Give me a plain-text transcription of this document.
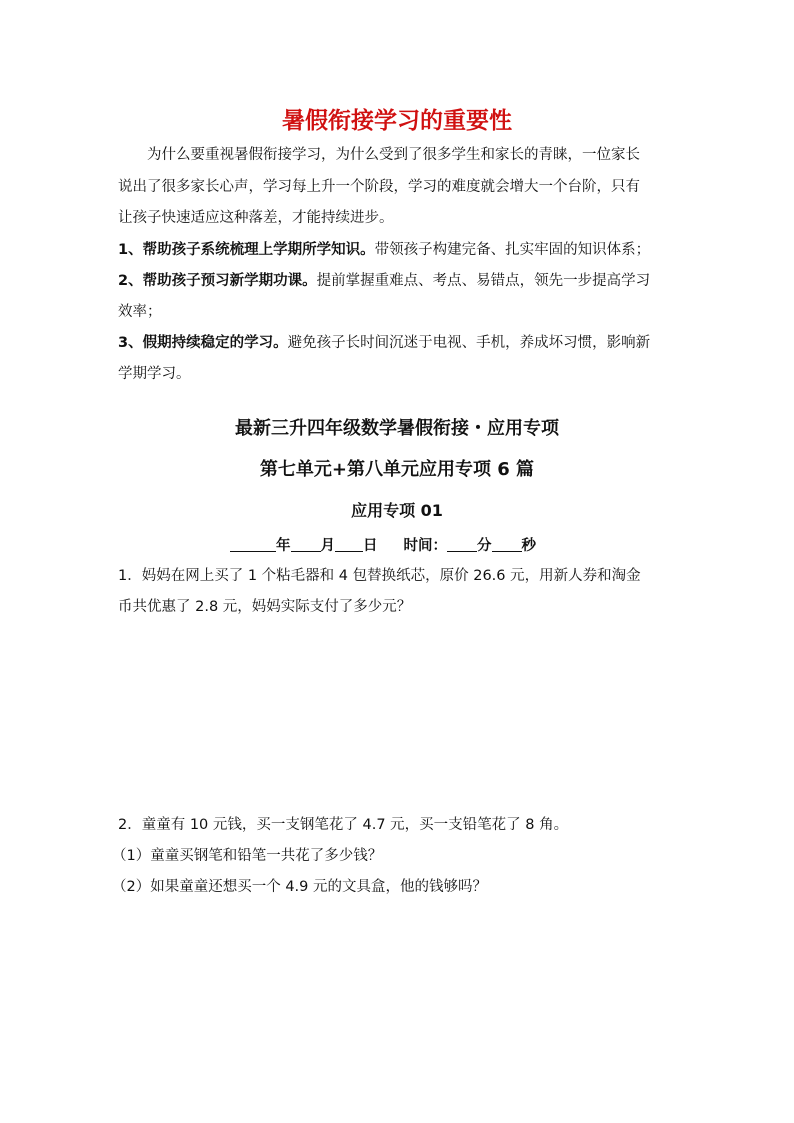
暑假衔接学习的重要性
为什么要重视暑假衔接学习，为什么受到了很多学生和家长的青睐，一位家长
说出了很多家长心声，学习每上升一个阶段，学习的难度就会增大一个台阶，只有
让孩子快速适应这种落差，才能持续进步。
1、帮助孩子系统梳理上学期所学知识。带领孩子构建完备、扎实牢固的知识体系；
2、帮助孩子预习新学期功课。提前掌握重难点、考点、易错点，领先一步提高学习
效率；
3、假期持续稳定的学习。避免孩子长时间沉迷于电视、手机，养成坏习惯，影响新
学期学习。
最新三升四年级数学暑假衔接・应用专项
第七单元+第八单元应用专项 6 篇
应用专项 01
年 月 日 时间： 分 秒
1．妈妈在网上买了 1 个粘毛器和 4 包替换纸芯，原价 26.6 元，用新人券和淘金
币共优惠了 2.8 元，妈妈实际支付了多少元？
2．童童有 10 元钱，买一支钢笔花了 4.7 元，买一支铅笔花了 8 角。
（1）童童买钢笔和铅笔一共花了多少钱？
（2）如果童童还想买一个 4.9 元的文具盒，他的钱够吗？
